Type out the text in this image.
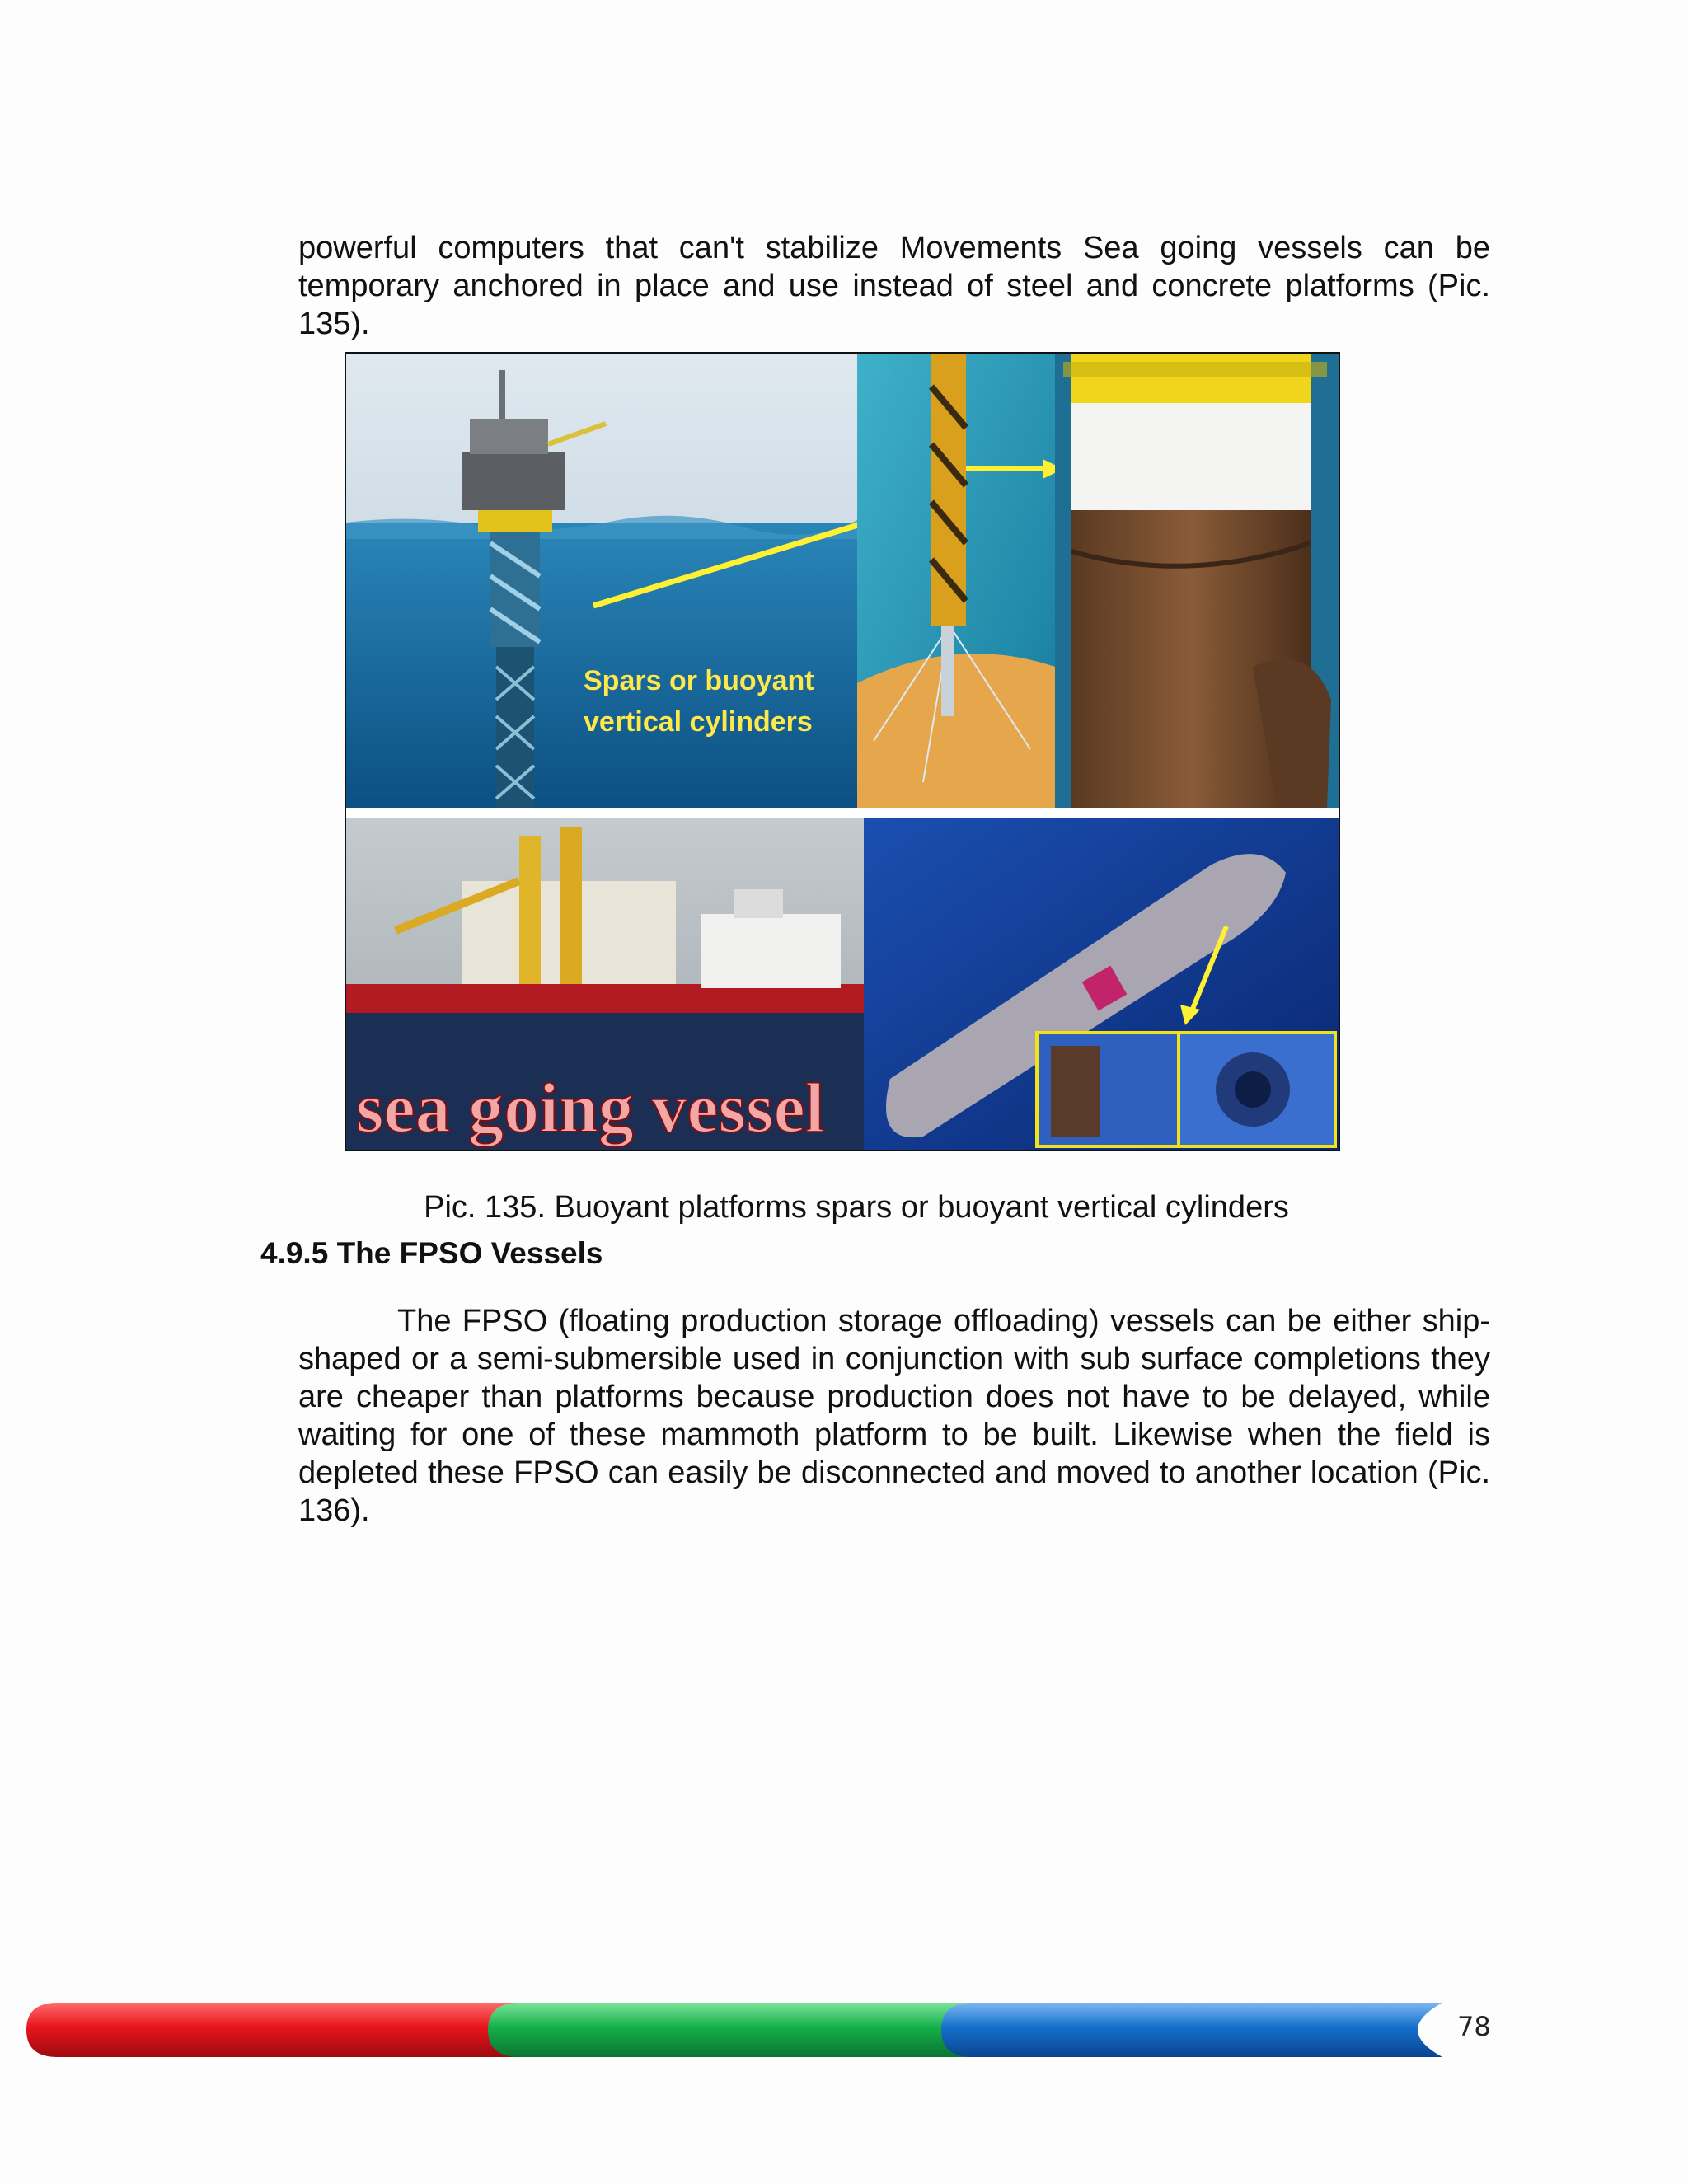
powerful computers that can't stabilize Movements Sea going vessels can be temporary anchored in place and use instead of steel and concrete platforms (Pic. 135).

Spars or buoyant
vertical cylinders
sea going vessel

Pic. 135. Buoyant platforms spars or buoyant vertical cylinders

4.9.5 The FPSO Vessels

The FPSO (floating production storage offloading) vessels can be either ship-shaped or a semi-submersible used in conjunction with sub surface completions they are cheaper than platforms because production does not have to be delayed, while waiting for one of these mammoth platform to be built. Likewise when the field is depleted these FPSO can easily be disconnected and moved to another location (Pic. 136).

78
